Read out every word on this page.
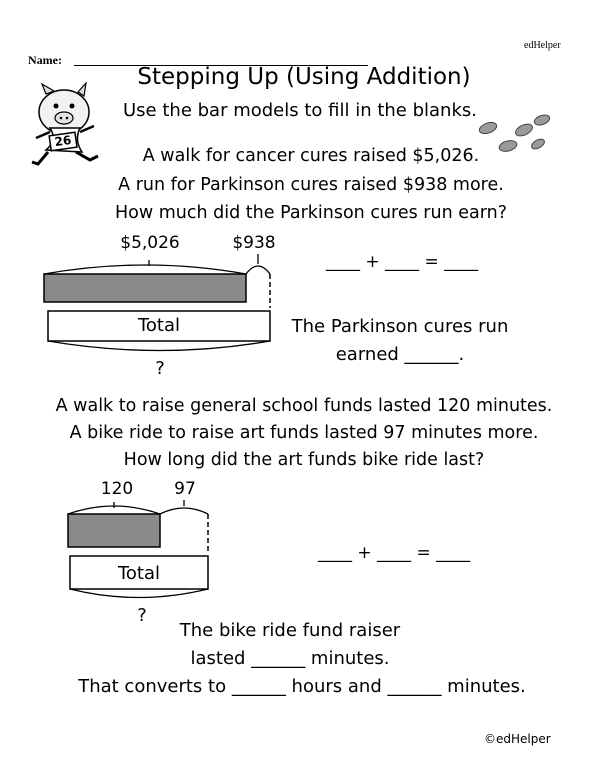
edHelper
Name:
Stepping Up (Using Addition)
Use the bar models to fill in the blanks.
26
A walk for cancer cures raised $5,026.
A run for Parkinson cures raised $938 more.
How much did the Parkinson cures run earn?
$5,026	$938
Total
?
____ + ____ = ____
The Parkinson cures run
earned ______.
A walk to raise general school funds lasted 120 minutes.
A bike ride to raise art funds lasted 97 minutes more.
How long did the art funds bike ride last?
120	97
Total
?
____ + ____ = ____
The bike ride fund raiser
lasted ______ minutes.
That converts to ______ hours and ______ minutes.
©edHelper
